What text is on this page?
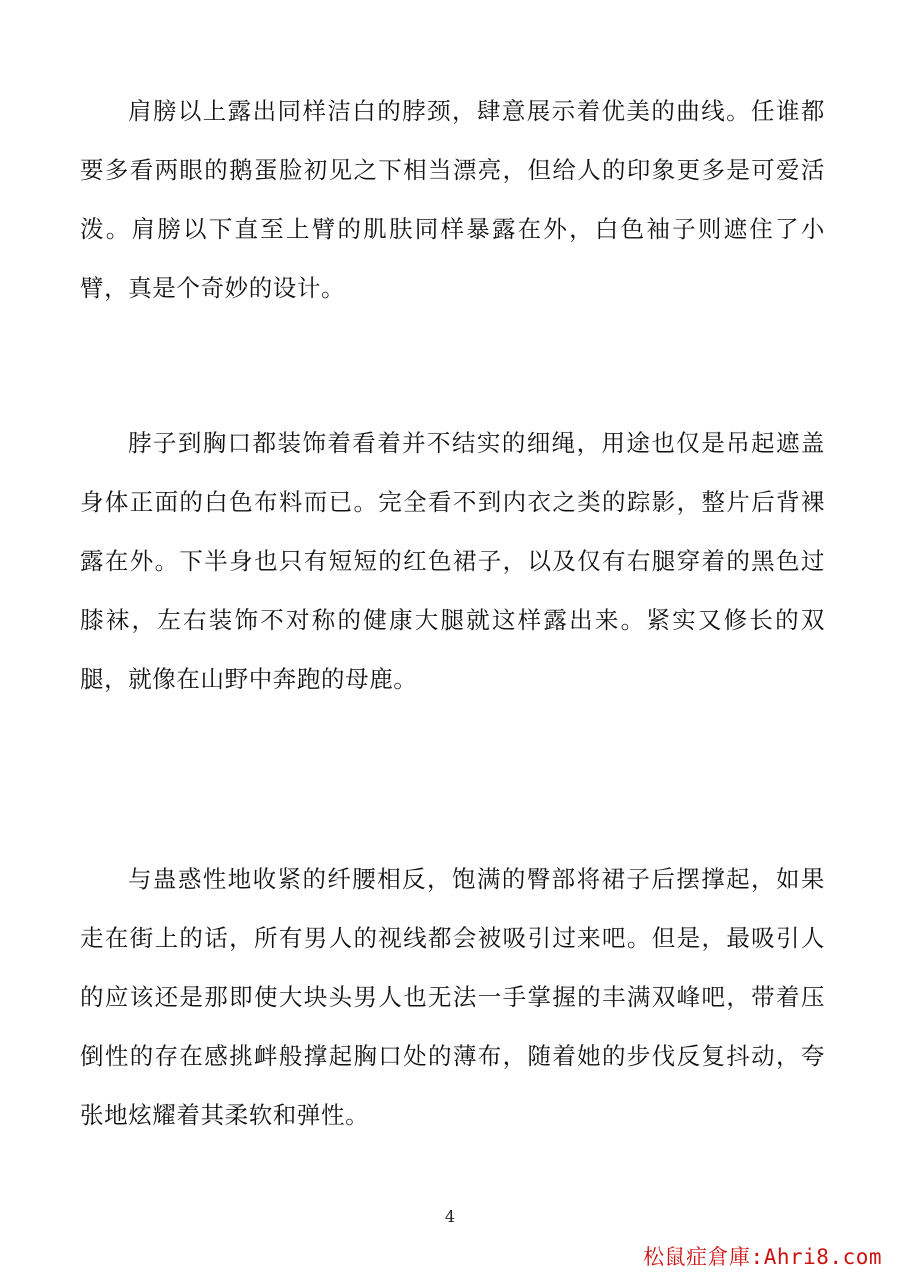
肩膀以上露出同样洁白的脖颈，肆意展示着优美的曲线。任谁都要多看两眼的鹅蛋脸初见之下相当漂亮，但给人的印象更多是可爱活泼。肩膀以下直至上臂的肌肤同样暴露在外，白色袖子则遮住了小臂，真是个奇妙的设计。

脖子到胸口都装饰着看着并不结实的细绳，用途也仅是吊起遮盖身体正面的白色布料而已。完全看不到内衣之类的踪影，整片后背裸露在外。下半身也只有短短的红色裙子，以及仅有右腿穿着的黑色过膝袜，左右装饰不对称的健康大腿就这样露出来。紧实又修长的双腿，就像在山野中奔跑的母鹿。

与蛊惑性地收紧的纤腰相反，饱满的臀部将裙子后摆撑起，如果走在街上的话，所有男人的视线都会被吸引过来吧。但是，最吸引人的应该还是那即使大块头男人也无法一手掌握的丰满双峰吧，带着压倒性的存在感挑衅般撑起胸口处的薄布，随着她的步伐反复抖动，夸张地炫耀着其柔软和弹性。

4
松鼠症倉庫:Ahri8.com
